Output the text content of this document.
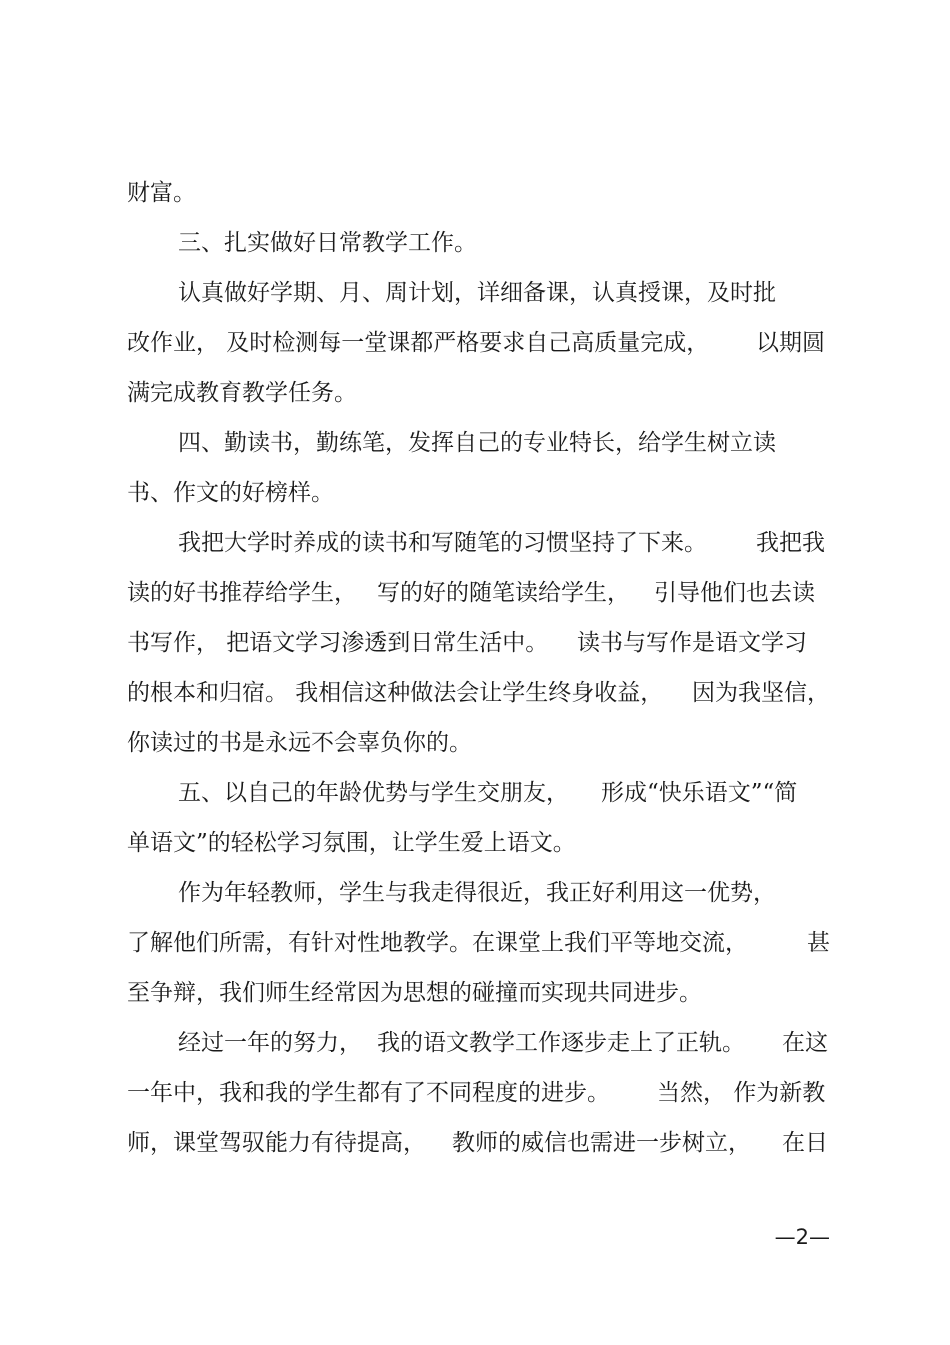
财富。
三、扎实做好日常教学工作。
认真做好学期、月、周计划，详细备课，认真授课，及时批
改作业， 及时检测每一堂课都严格要求自己高质量完成， 以期圆
满完成教育教学任务。
四、勤读书，勤练笔，发挥自己的专业特长，给学生树立读
书、作文的好榜样。
我把大学时养成的读书和写随笔的习惯坚持了下来。 我把我
读的好书推荐给学生， 写的好的随笔读给学生， 引导他们也去读
书写作， 把语文学习渗透到日常生活中。 读书与写作是语文学习
的根本和归宿。 我相信这种做法会让学生终身收益， 因为我坚信，
你读过的书是永远不会辜负你的。
五、以自己的年龄优势与学生交朋友， 形成“快乐语文”“简
单语文”的轻松学习氛围，让学生爱上语文。
作为年轻教师，学生与我走得很近，我正好利用这一优势，
了解他们所需，有针对性地教学。在课堂上我们平等地交流，	甚
至争辩，我们师生经常因为思想的碰撞而实现共同进步。
经过一年的努力， 我的语文教学工作逐步走上了正轨。 在这
一年中，我和我的学生都有了不同程度的进步。 当然， 作为新教
师，课堂驾驭能力有待提高， 教师的威信也需进一步树立， 在日
—2—
